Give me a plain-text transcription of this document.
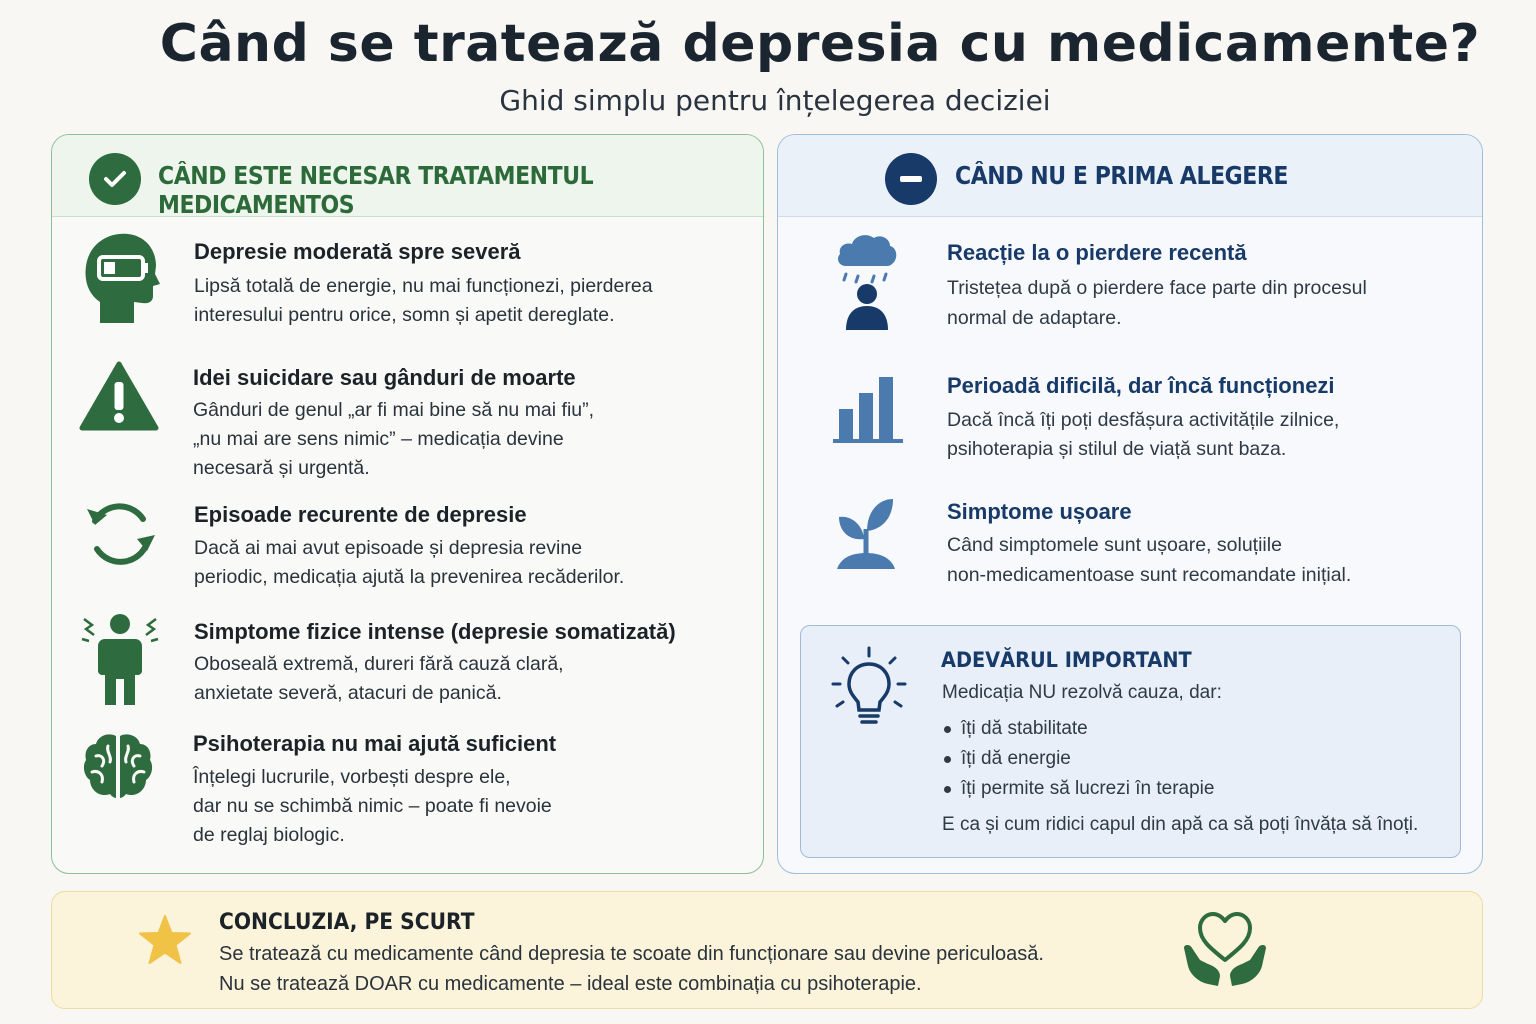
Când se tratează depresia cu medicamente?
Ghid simplu pentru înțelegerea deciziei
CÂND ESTE NECESAR TRATAMENTUL MEDICAMENTOS
Depresie moderată spre severă

Lipsă totală de energie, nu mai funcționezi, pierderea

interesului pentru orice, somn și apetit dereglate.

Idei suicidare sau gânduri de moarte

Gânduri de genul „ar fi mai bine să nu mai fiu”,

„nu mai are sens nimic” – medicația devine

necesară și urgentă.

Episoade recurente de depresie

Dacă ai mai avut episoade și depresia revine

periodic, medicația ajută la prevenirea recăderilor.

Simptome fizice intense (depresie somatizată)

Oboseală extremă, dureri fără cauză clară,

anxietate severă, atacuri de panică.

Psihoterapia nu mai ajută suficient

Înțelegi lucrurile, vorbești despre ele,

dar nu se schimbă nimic – poate fi nevoie

de reglaj biologic.

CÂND NU E PRIMA ALEGERE
Reacție la o pierdere recentă

Tristețea după o pierdere face parte din procesul

normal de adaptare.

Perioadă dificilă, dar încă funcționezi

Dacă încă îți poți desfășura activitățile zilnice,

psihoterapia și stilul de viață sunt baza.

Simptome ușoare

Când simptomele sunt ușoare, soluțiile

non-medicamentoase sunt recomandate inițial.

ADEVĂRUL IMPORTANT
Medicația NU rezolvă cauza, dar:
îți dă stabilitate
îți dă energie
îți permite să lucrezi în terapie
E ca și cum ridici capul din apă ca să poți învăța să înoți.
CONCLUZIA, PE SCURT

Se tratează cu medicamente când depresia te scoate din funcționare sau devine periculoasă.

Nu se tratează DOAR cu medicamente – ideal este combinația cu psihoterapie.
